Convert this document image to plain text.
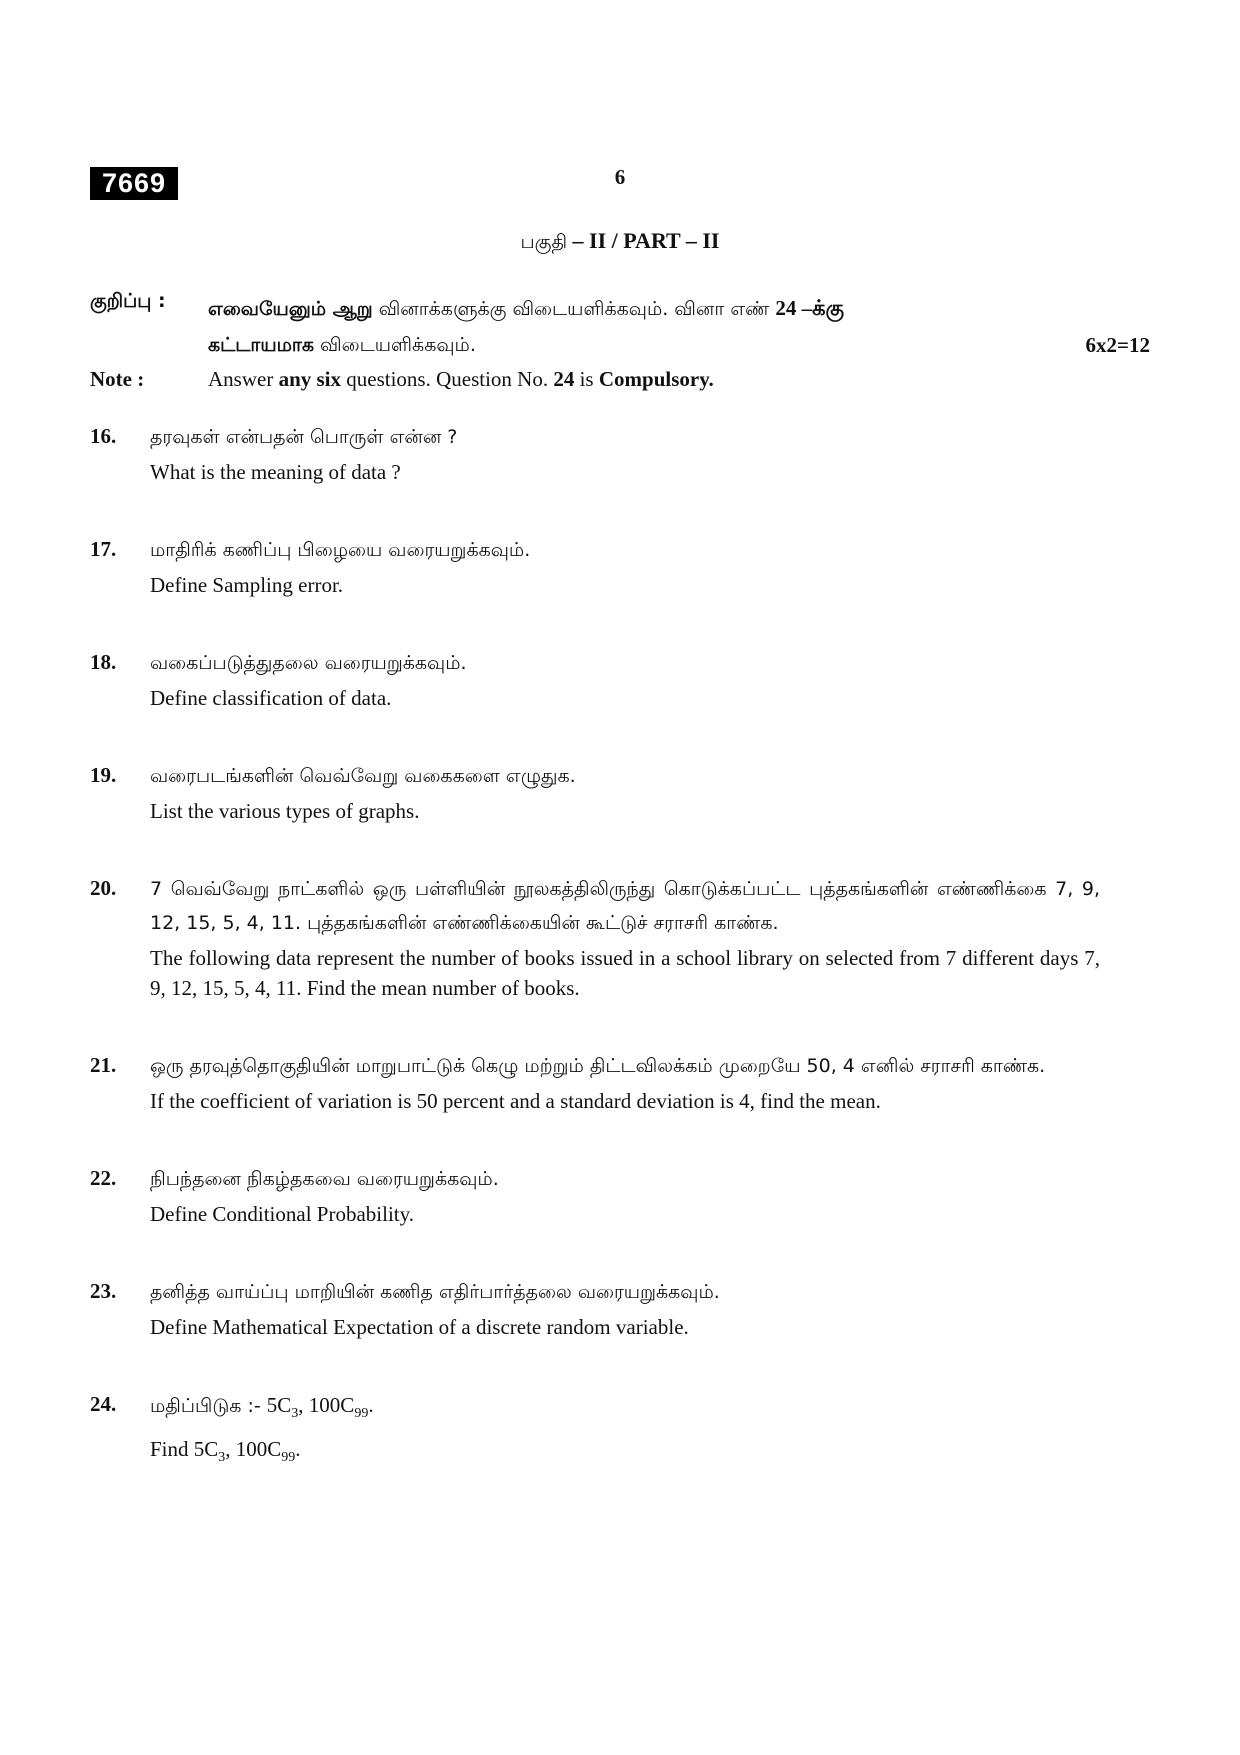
7669	6
பகுதி – II / PART – II
குறிப்பு :	எவையேனும் ஆறு வினாக்களுக்கு விடையளிக்கவும். வினா எண் 24 –க்கு
கட்டாயமாக விடையளிக்கவும்.	6x2=12
Note :	Answer any six questions. Question No. 24 is Compulsory.
16.	தரவுகள் என்பதன் பொருள் என்ன ?
What is the meaning of data ?
17.	மாதிரிக் கணிப்பு பிழையை வரையறுக்கவும்.
Define Sampling error.
18.	வகைப்படுத்துதலை வரையறுக்கவும்.
Define classification of data.
19.	வரைபடங்களின் வெவ்வேறு வகைகளை எழுதுக.
List the various types of graphs.
20.	7 வெவ்வேறு நாட்களில் ஒரு பள்ளியின் நூலகத்திலிருந்து கொடுக்கப்பட்ட புத்தகங்களின் எண்ணிக்கை 7, 9, 12, 15, 5, 4, 11. புத்தகங்களின் எண்ணிக்கையின் கூட்டுச் சராசரி காண்க.
The following data represent the number of books issued in a school library on selected from 7 different days 7, 9, 12, 15, 5, 4, 11. Find the mean number of books.
21.	ஒரு தரவுத்தொகுதியின் மாறுபாட்டுக் கெழு மற்றும் திட்டவிலக்கம் முறையே 50, 4 எனில் சராசரி காண்க.
If the coefficient of variation is 50 percent and a standard deviation is 4, find the mean.
22.	நிபந்தனை நிகழ்தகவை வரையறுக்கவும்.
Define Conditional Probability.
23.	தனித்த வாய்ப்பு மாறியின் கணித எதிர்பார்த்தலை வரையறுக்கவும்.
Define Mathematical Expectation of a discrete random variable.
24.	மதிப்பிடுக :- $5C_3$, $100C_{99}$.
Find $5C_3$, $100C_{99}$.
